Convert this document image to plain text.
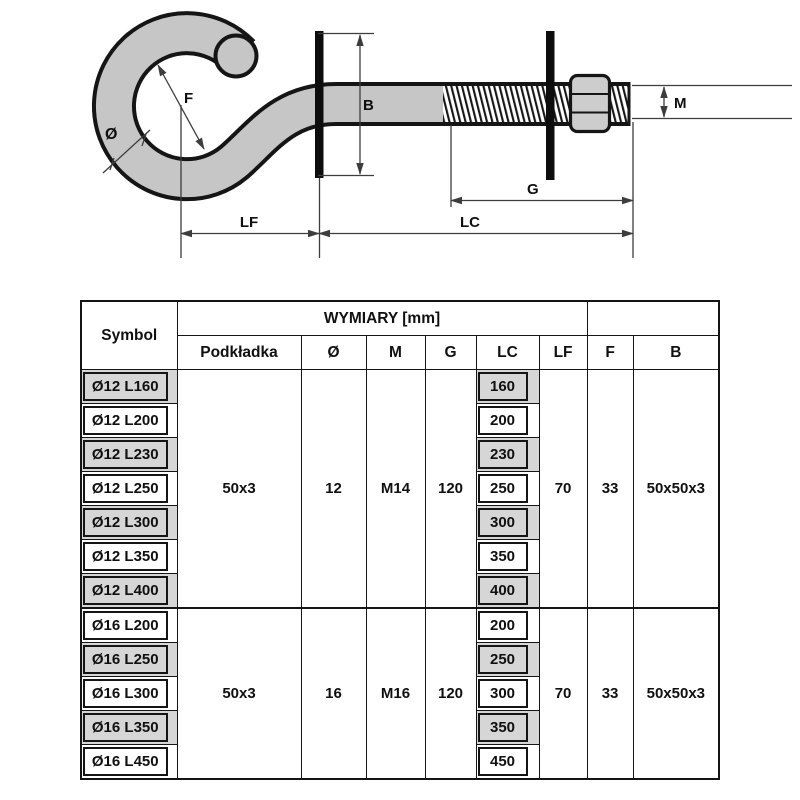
F
Ø
B	M
G
LF	LC
Symbol	WYMIARY [mm]							
	Podkładka	Ø	M	G	LC	LF	F	B

Ø12 L160	50x3	12	M14	120	160	70	33	50x50x3

Ø12 L200					200			

Ø12 L230					230			

Ø12 L250					250			

Ø12 L300					300			

Ø12 L350					350			

Ø12 L400					400			

Ø16 L200	50x3	16	M16	120	200	70	33	50x50x3

Ø16 L250					250			

Ø16 L300					300			

Ø16 L350					350			

Ø16 L450					450			
